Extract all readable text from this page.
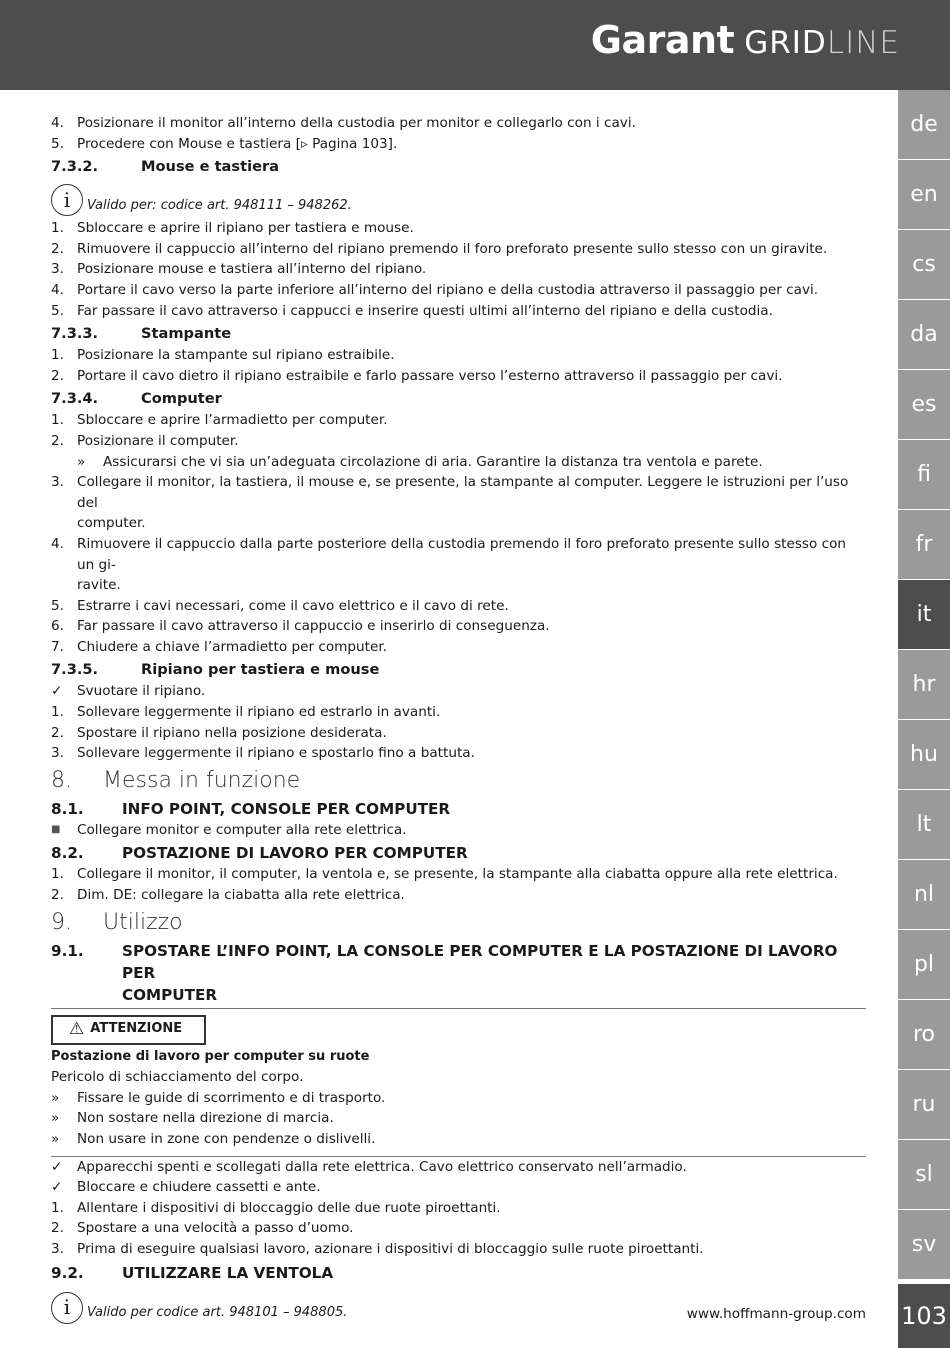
Garant GRIDLINE
de
en
cs
da
es
fi
fr
it
hr
hu
lt
nl
pl
ro
ru
sl
sv
103
4. Posizionare il monitor all’interno della custodia per monitor e collegarlo con i cavi.
5. Procedere con Mouse e tastiera [▹ Pagina 103].
7.3.2.	Mouse e tastiera
i	Valido per: codice art. 948111 – 948262.
1. Sbloccare e aprire il ripiano per tastiera e mouse.
2. Rimuovere il cappuccio all’interno del ripiano premendo il foro preforato presente sullo stesso con un giravite.
3. Posizionare mouse e tastiera all’interno del ripiano.
4. Portare il cavo verso la parte inferiore all’interno del ripiano e della custodia attraverso il passaggio per cavi.
5. Far passare il cavo attraverso i cappucci e inserire questi ultimi all’interno del ripiano e della custodia.
7.3.3.	Stampante
1. Posizionare la stampante sul ripiano estraibile.
2. Portare il cavo dietro il ripiano estraibile e farlo passare verso l’esterno attraverso il passaggio per cavi.
7.3.4.	Computer
1. Sbloccare e aprire l’armadietto per computer.
2. Posizionare il computer.
»	Assicurarsi che vi sia un’adeguata circolazione di aria. Garantire la distanza tra ventola e parete.
3. Collegare il monitor, la tastiera, il mouse e, se presente, la stampante al computer. Leggere le istruzioni per l’uso del
computer.
4. Rimuovere il cappuccio dalla parte posteriore della custodia premendo il foro preforato presente sullo stesso con un gi-
ravite.
5. Estrarre i cavi necessari, come il cavo elettrico e il cavo di rete.
6. Far passare il cavo attraverso il cappuccio e inserirlo di conseguenza.
7. Chiudere a chiave l’armadietto per computer.
7.3.5.	Ripiano per tastiera e mouse
✓	Svuotare il ripiano.
1. Sollevare leggermente il ripiano ed estrarlo in avanti.
2. Spostare il ripiano nella posizione desiderata.
3. Sollevare leggermente il ripiano e spostarlo fino a battuta.
8.	Messa in funzione
8.1.	INFO POINT, CONSOLE PER COMPUTER
■	Collegare monitor e computer alla rete elettrica.
8.2.	POSTAZIONE DI LAVORO PER COMPUTER
1. Collegare il monitor, il computer, la ventola e, se presente, la stampante alla ciabatta oppure alla rete elettrica.
2. Dim. DE: collegare la ciabatta alla rete elettrica.
9.	Utilizzo
9.1.	SPOSTARE L’INFO POINT, LA CONSOLE PER COMPUTER E LA POSTAZIONE DI LAVORO PER
COMPUTER
⚠ ATTENZIONE
Postazione di lavoro per computer su ruote
Pericolo di schiacciamento del corpo.
»	Fissare le guide di scorrimento e di trasporto.
»	Non sostare nella direzione di marcia.
»	Non usare in zone con pendenze o dislivelli.
✓	Apparecchi spenti e scollegati dalla rete elettrica. Cavo elettrico conservato nell’armadio.
✓	Bloccare e chiudere cassetti e ante.
1. Allentare i dispositivi di bloccaggio delle due ruote piroettanti.
2. Spostare a una velocità a passo d’uomo.
3. Prima di eseguire qualsiasi lavoro, azionare i dispositivi di bloccaggio sulle ruote piroettanti.
9.2.	UTILIZZARE LA VENTOLA
i	Valido per codice art. 948101 – 948805.	www.hoffmann-group.com
